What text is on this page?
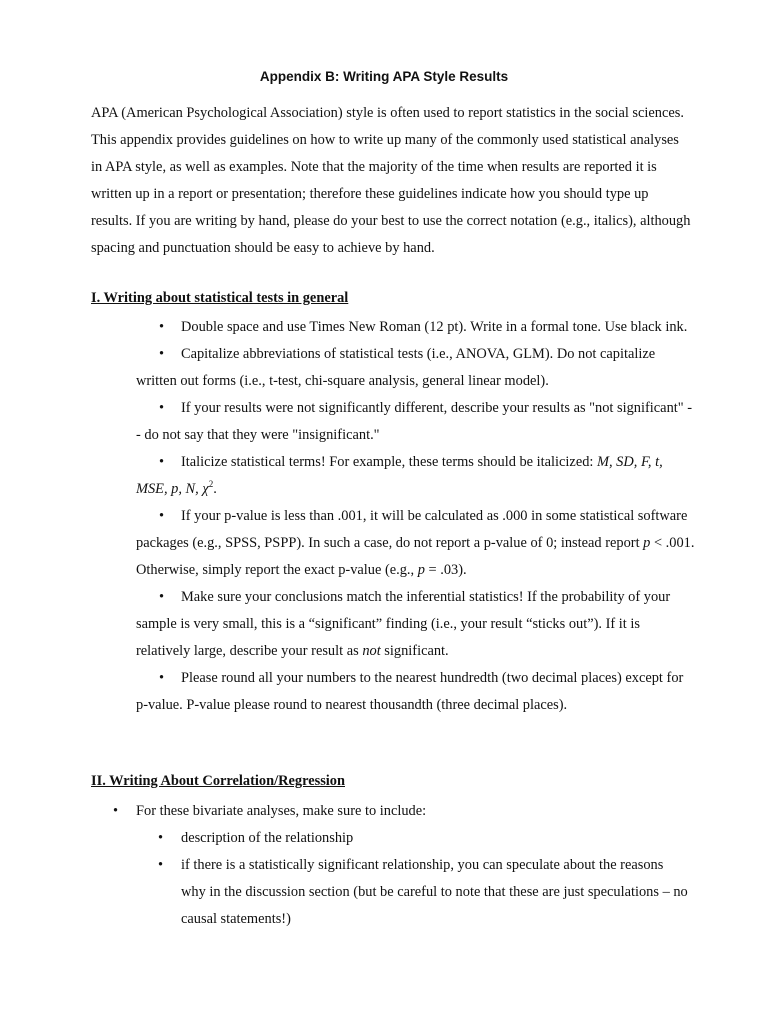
Appendix B: Writing APA Style Results

APA (American Psychological Association) style is often used to report statistics in the social sciences. This appendix provides guidelines on how to write up many of the commonly used statistical analyses in APA style, as well as examples. Note that the majority of the time when results are reported it is written up in a report or presentation; therefore these guidelines indicate how you should type up results. If you are writing by hand, please do your best to use the correct notation (e.g., italics), although spacing and punctuation should be easy to achieve by hand.

I. Writing about statistical tests in general

• Double space and use Times New Roman (12 pt). Write in a formal tone. Use black ink.
• Capitalize abbreviations of statistical tests (i.e., ANOVA, GLM). Do not capitalize written out forms (i.e., t-test, chi-square analysis, general linear model).
• If your results were not significantly different, describe your results as "not significant" -- do not say that they were "insignificant."
• Italicize statistical terms! For example, these terms should be italicized: M, SD, F, t, MSE, p, N, $\chi^2$.
• If your p-value is less than .001, it will be calculated as .000 in some statistical software packages (e.g., SPSS, PSPP). In such a case, do not report a p-value of 0; instead report p < .001. Otherwise, simply report the exact p-value (e.g., p = .03).
• Make sure your conclusions match the inferential statistics! If the probability of your sample is very small, this is a “significant” finding (i.e., your result “sticks out”). If it is relatively large, describe your result as not significant.
• Please round all your numbers to the nearest hundredth (two decimal places) except for p-value. P-value please round to nearest thousandth (three decimal places).

II. Writing About Correlation/Regression

• For these bivariate analyses, make sure to include:
• description of the relationship
• if there is a statistically significant relationship, you can speculate about the reasons why in the discussion section (but be careful to note that these are just speculations – no causal statements!)
